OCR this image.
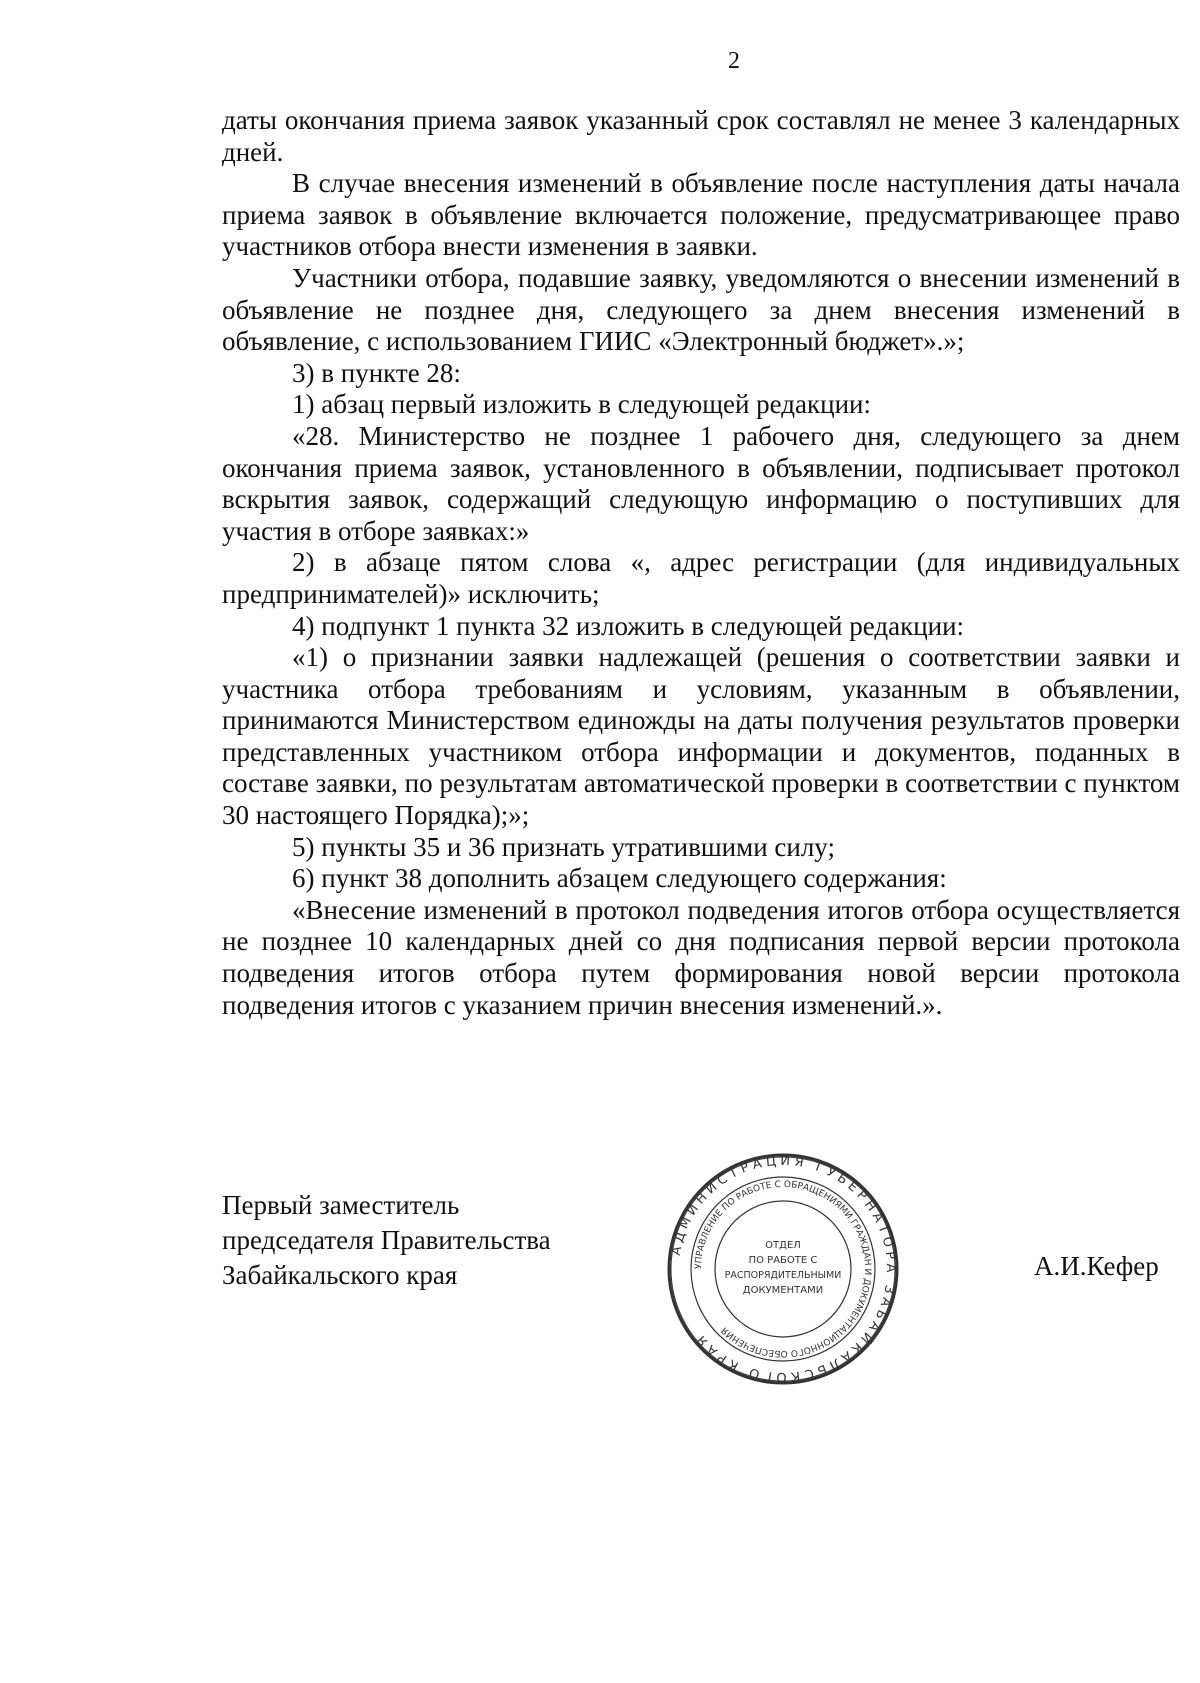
2

даты окончания приема заявок указанный срок составлял не менее 3 календарных дней.

В случае внесения изменений в объявление после наступления даты начала приема заявок в объявление включается положение, предусматривающее право участников отбора внести изменения в заявки.

Участники отбора, подавшие заявку, уведомляются о внесении изменений в объявление не позднее дня, следующего за днем внесения изменений в объявление, с использованием ГИИС «Электронный бюджет».»;

3) в пункте 28:

1) абзац первый изложить в следующей редакции:

«28. Министерство не позднее 1 рабочего дня, следующего за днем окончания приема заявок, установленного в объявлении, подписывает протокол вскрытия заявок, содержащий следующую информацию о поступивших для участия в отборе заявках:»

2) в абзаце пятом слова «, адрес регистрации (для индивидуальных предпринимателей)» исключить;

4) подпункт 1 пункта 32 изложить в следующей редакции:

«1) о признании заявки надлежащей (решения о соответствии заявки и участника отбора требованиям и условиям, указанным в объявлении, принимаются Министерством единожды на даты получения результатов проверки представленных участником отбора информации и документов, поданных в составе заявки, по результатам автоматической проверки в соответствии с пунктом 30 настоящего Порядка);»;

5) пункты 35 и 36 признать утратившими силу;

6) пункт 38 дополнить абзацем следующего содержания:

«Внесение изменений в протокол подведения итогов отбора осуществляется не позднее 10 календарных дней со дня подписания первой версии протокола подведения итогов отбора путем формирования новой версии протокола подведения итогов с указанием причин внесения изменений.».

Первый заместитель
председателя Правительства
Забайкальского края	А.И.Кефер
АДМИНИСТРАЦИЯ ГУБЕРНАТОРА ЗАБАЙКАЛЬСКОГО КРАЯ
УПРАВЛЕНИЕ ПО РАБОТЕ С ОБРАЩЕНИЯМИ ГРАЖДАН И ДОКУМЕНТАЦИОННОГО ОБЕСПЕЧЕНИЯ
ОТДЕЛ
ПО РАБОТЕ С
РАСПОРЯДИТЕЛЬНЫМИ
ДОКУМЕНТАМИ
